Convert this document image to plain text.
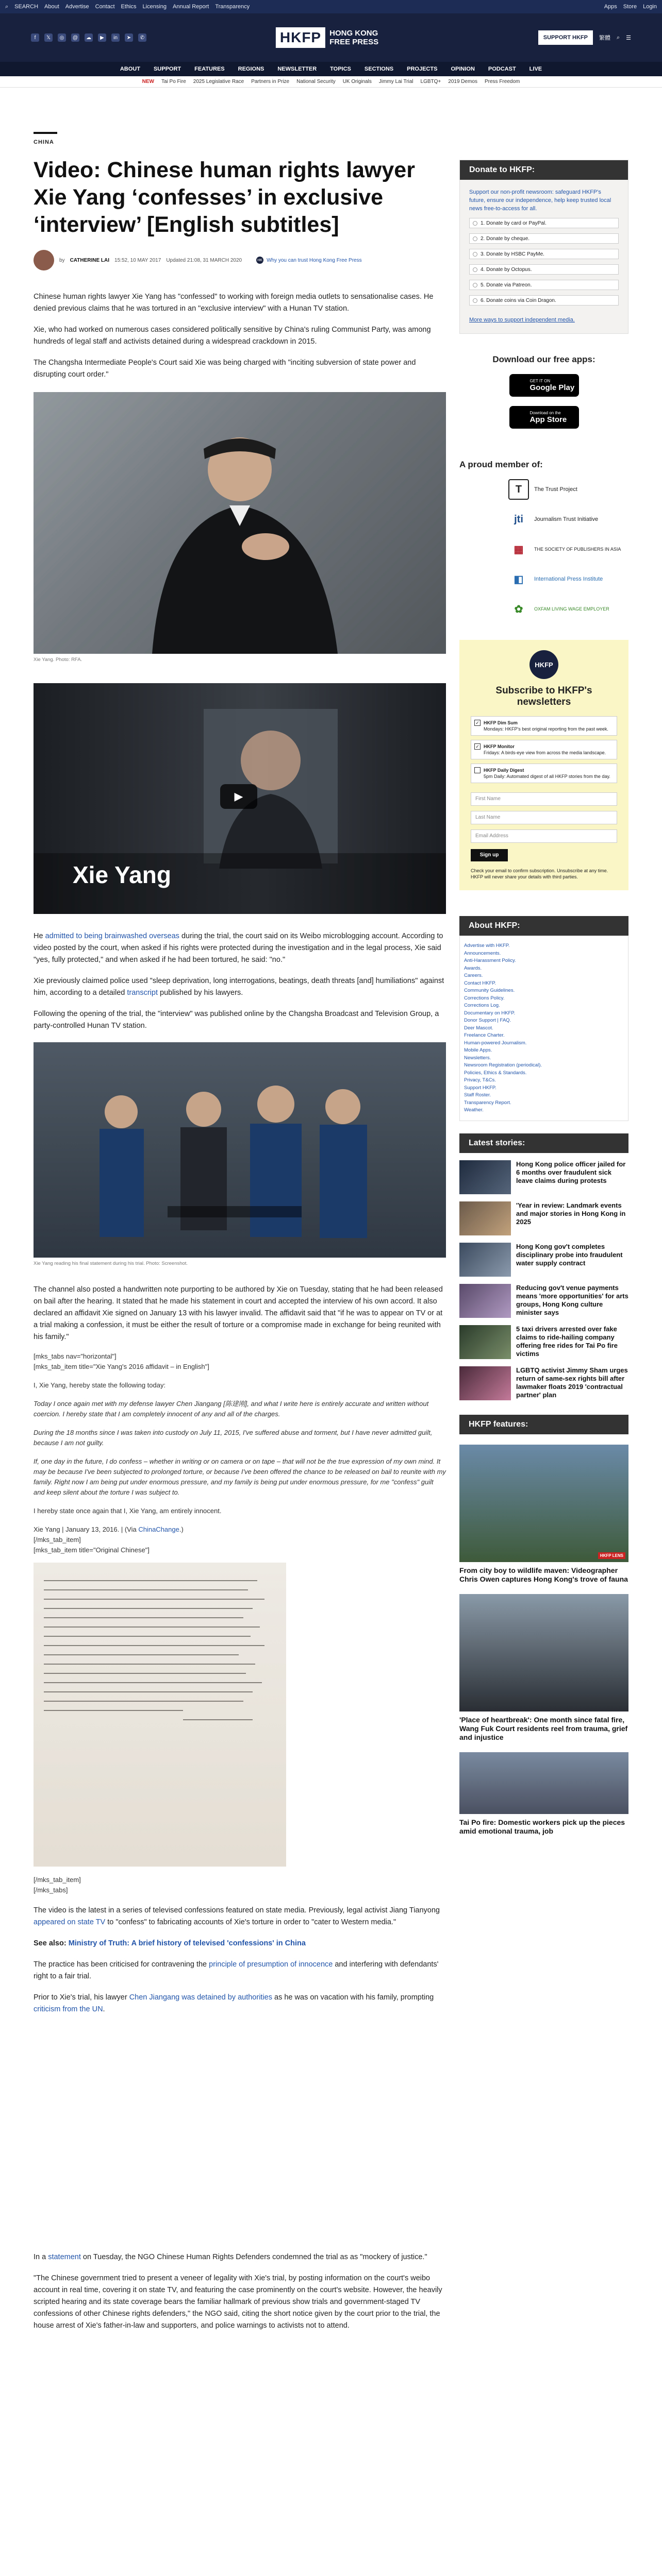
⌕ SEARCH About Advertise Contact Ethics Licensing Annual Report Transparency	Apps Store Login
f	𝕏	◎	@	☁	▶	in	➤	✆	HKFP	HONG KONG FREE PRESS	SUPPORT HKFP	繁體 ⌕ ☰
ABOUT SUPPORT FEATURES REGIONS NEWSLETTER TOPICS SECTIONS PROJECTS OPINION PODCAST LIVE
NEW Tai Po Fire 2025 Legislative Race Partners in Prize National Security UK Originals Jimmy Lai Trial LGBTQ+ 2019 Demos Press Freedom
CHINA
Video: Chinese human rights lawyer Xie Yang ‘confesses’ in exclusive ‘interview’ [English subtitles]
by CATHERINE LAI 15:52, 10 MAY 2017 Updated 21:08, 31 MARCH 2020	HK Why you can trust Hong Kong Free Press

Chinese human rights lawyer Xie Yang has "confessed" to working with foreign media outlets to sensationalise cases. He denied previous claims that he was tortured in an "exclusive interview" with a Hunan TV station.

Xie, who had worked on numerous cases considered politically sensitive by China's ruling Communist Party, was among hundreds of legal staff and activists detained during a widespread crackdown in 2015.

The Changsha Intermediate People's Court said Xie was being charged with "inciting subversion of state power and disrupting court order."

Xie Yang. Photo: RFA.
▶
Xie Yang

He admitted to being brainwashed overseas during the trial, the court said on its Weibo microblogging account. According to video posted by the court, when asked if his rights were protected during the investigation and in the legal process, Xie said "yes, fully protected," and when asked if he had been tortured, he said: "no."

Xie previously claimed police used "sleep deprivation, long interrogations, beatings, death threats [and] humiliations" against him, according to a detailed transcript published by his lawyers.

Following the opening of the trial, the "interview" was published online by the Changsha Broadcast and Television Group, a party-controlled Hunan TV station.

Xie Yang reading his final statement during his trial. Photo: Screenshot.

The channel also posted a handwritten note purporting to be authored by Xie on Tuesday, stating that he had been released on bail after the hearing. It stated that he made his statement in court and accepted the interview of his own accord. It also declared an affidavit Xie signed on January 13 with his lawyer invalid. The affidavit said that "if he was to appear on TV or at a trial making a confession, it must be either the result of torture or a compromise made in exchange for being reunited with his family."

[mks_tabs nav="horizontal"]

[mks_tab_item title="Xie Yang's 2016 affidavit – in English"]

I, Xie Yang, hereby state the following today:

Today I once again met with my defense lawyer Chen Jiangang [陈建刚], and what I write here is entirely accurate and written without coercion. I hereby state that I am completely innocent of any and all of the charges.

During the 18 months since I was taken into custody on July 11, 2015, I've suffered abuse and torment, but I have never admitted guilt, because I am not guilty.

If, one day in the future, I do confess – whether in writing or on camera or on tape – that will not be the true expression of my own mind. It may be because I've been subjected to prolonged torture, or because I've been offered the chance to be released on bail to reunite with my family. Right now I am being put under enormous pressure, and my family is being put under enormous pressure, for me "confess" guilt and keep silent about the torture I was subject to.

I hereby state once again that I, Xie Yang, am entirely innocent.

Xie Yang | January 13, 2016. | (Via ChinaChange.)

[/mks_tab_item]

[mks_tab_item title="Original Chinese"]

[/mks_tab_item]

[/mks_tabs]

The video is the latest in a series of televised confessions featured on state media. Previously, legal activist Jiang Tianyong appeared on state TV to "confess" to fabricating accounts of Xie's torture in order to "cater to Western media."

See also: Ministry of Truth: A brief history of televised 'confessions' in China

The practice has been criticised for contravening the principle of presumption of innocence and interfering with defendants' right to a fair trial.

Prior to Xie's trial, his lawyer Chen Jiangang was detained by authorities as he was on vacation with his family, prompting criticism from the UN.

In a statement on Tuesday, the NGO Chinese Human Rights Defenders condemned the trial as as "mockery of justice."

"The Chinese government tried to present a veneer of legality with Xie's trial, by posting information on the court's weibo account in real time, covering it on state TV, and featuring the case prominently on the court's website. However, the heavily scripted hearing and its state coverage bears the familiar hallmark of previous show trials and government-staged TV confessions of other Chinese rights defenders," the NGO said, citing the short notice given by the court prior to the trial, the house arrest of Xie's father-in-law and supporters, and police warnings to activists not to attend.

Donate to HKFP:
Support our non-profit newsroom: safeguard HKFP's future, ensure our independence, help keep trusted local news free-to-access for all.
1. Donate by card or PayPal.
2. Donate by cheque.
3. Donate by HSBC PayMe.
4. Donate by Octopus.
5. Donate via Patreon.
6. Donate coins via Coin Dragon.
More ways to support independent media.
Download our free apps:
GET IT ON
Google Play
Download on the
App Store
A proud member of:
T	The Trust Project
jti	Journalism Trust Initiative
▦	THE SOCIETY OF PUBLISHERS IN ASIA
◧	International Press Institute
✿	OXFAM LIVING WAGE EMPLOYER
HKFP
Subscribe to HKFP's newsletters
✓ HKFP Dim Sum
Mondays: HKFP's best original reporting from the past week.
✓ HKFP Monitor
Fridays: A birds-eye view from across the media landscape.
HKFP Daily Digest
5pm Daily: Automated digest of all HKFP stories from the day.
First Name
Last Name
Email Address
Sign up
Check your email to confirm subscription. Unsubscribe at any time. HKFP will never share your details with third parties.
About HKFP:
Advertise with HKFP.
Announcements.
Anti-Harassment Policy.
Awards.
Careers.
Contact HKFP.
Community Guidelines.
Corrections Policy.
Corrections Log.
Documentary on HKFP.
Donor Support | FAQ.
Deer Mascot.
Freelance Charter.
Human-powered Journalism.
Mobile Apps.
Newsletters.
Newsroom Registration (periodical).
Policies, Ethics & Standards.
Privacy, T&Cs.
Support HKFP.
Staff Roster.
Transparency Report.
Weather.
Latest stories:
Hong Kong police officer jailed for 6 months over fraudulent sick leave claims during protests
'Year in review: Landmark events and major stories in Hong Kong in 2025
Hong Kong gov't completes disciplinary probe into fraudulent water supply contract
Reducing gov't venue payments means 'more opportunities' for arts groups, Hong Kong culture minister says
5 taxi drivers arrested over fake claims to ride-hailing company offering free rides for Tai Po fire victims
LGBTQ activist Jimmy Sham urges return of same-sex rights bill after lawmaker floats 2019 'contractual partner' plan
HKFP features:
HKFP LENS
From city boy to wildlife maven: Videographer Chris Owen captures Hong Kong's trove of fauna
'Place of heartbreak': One month since fatal fire, Wang Fuk Court residents reel from trauma, grief and injustice
Tai Po fire: Domestic workers pick up the pieces amid emotional trauma, job
